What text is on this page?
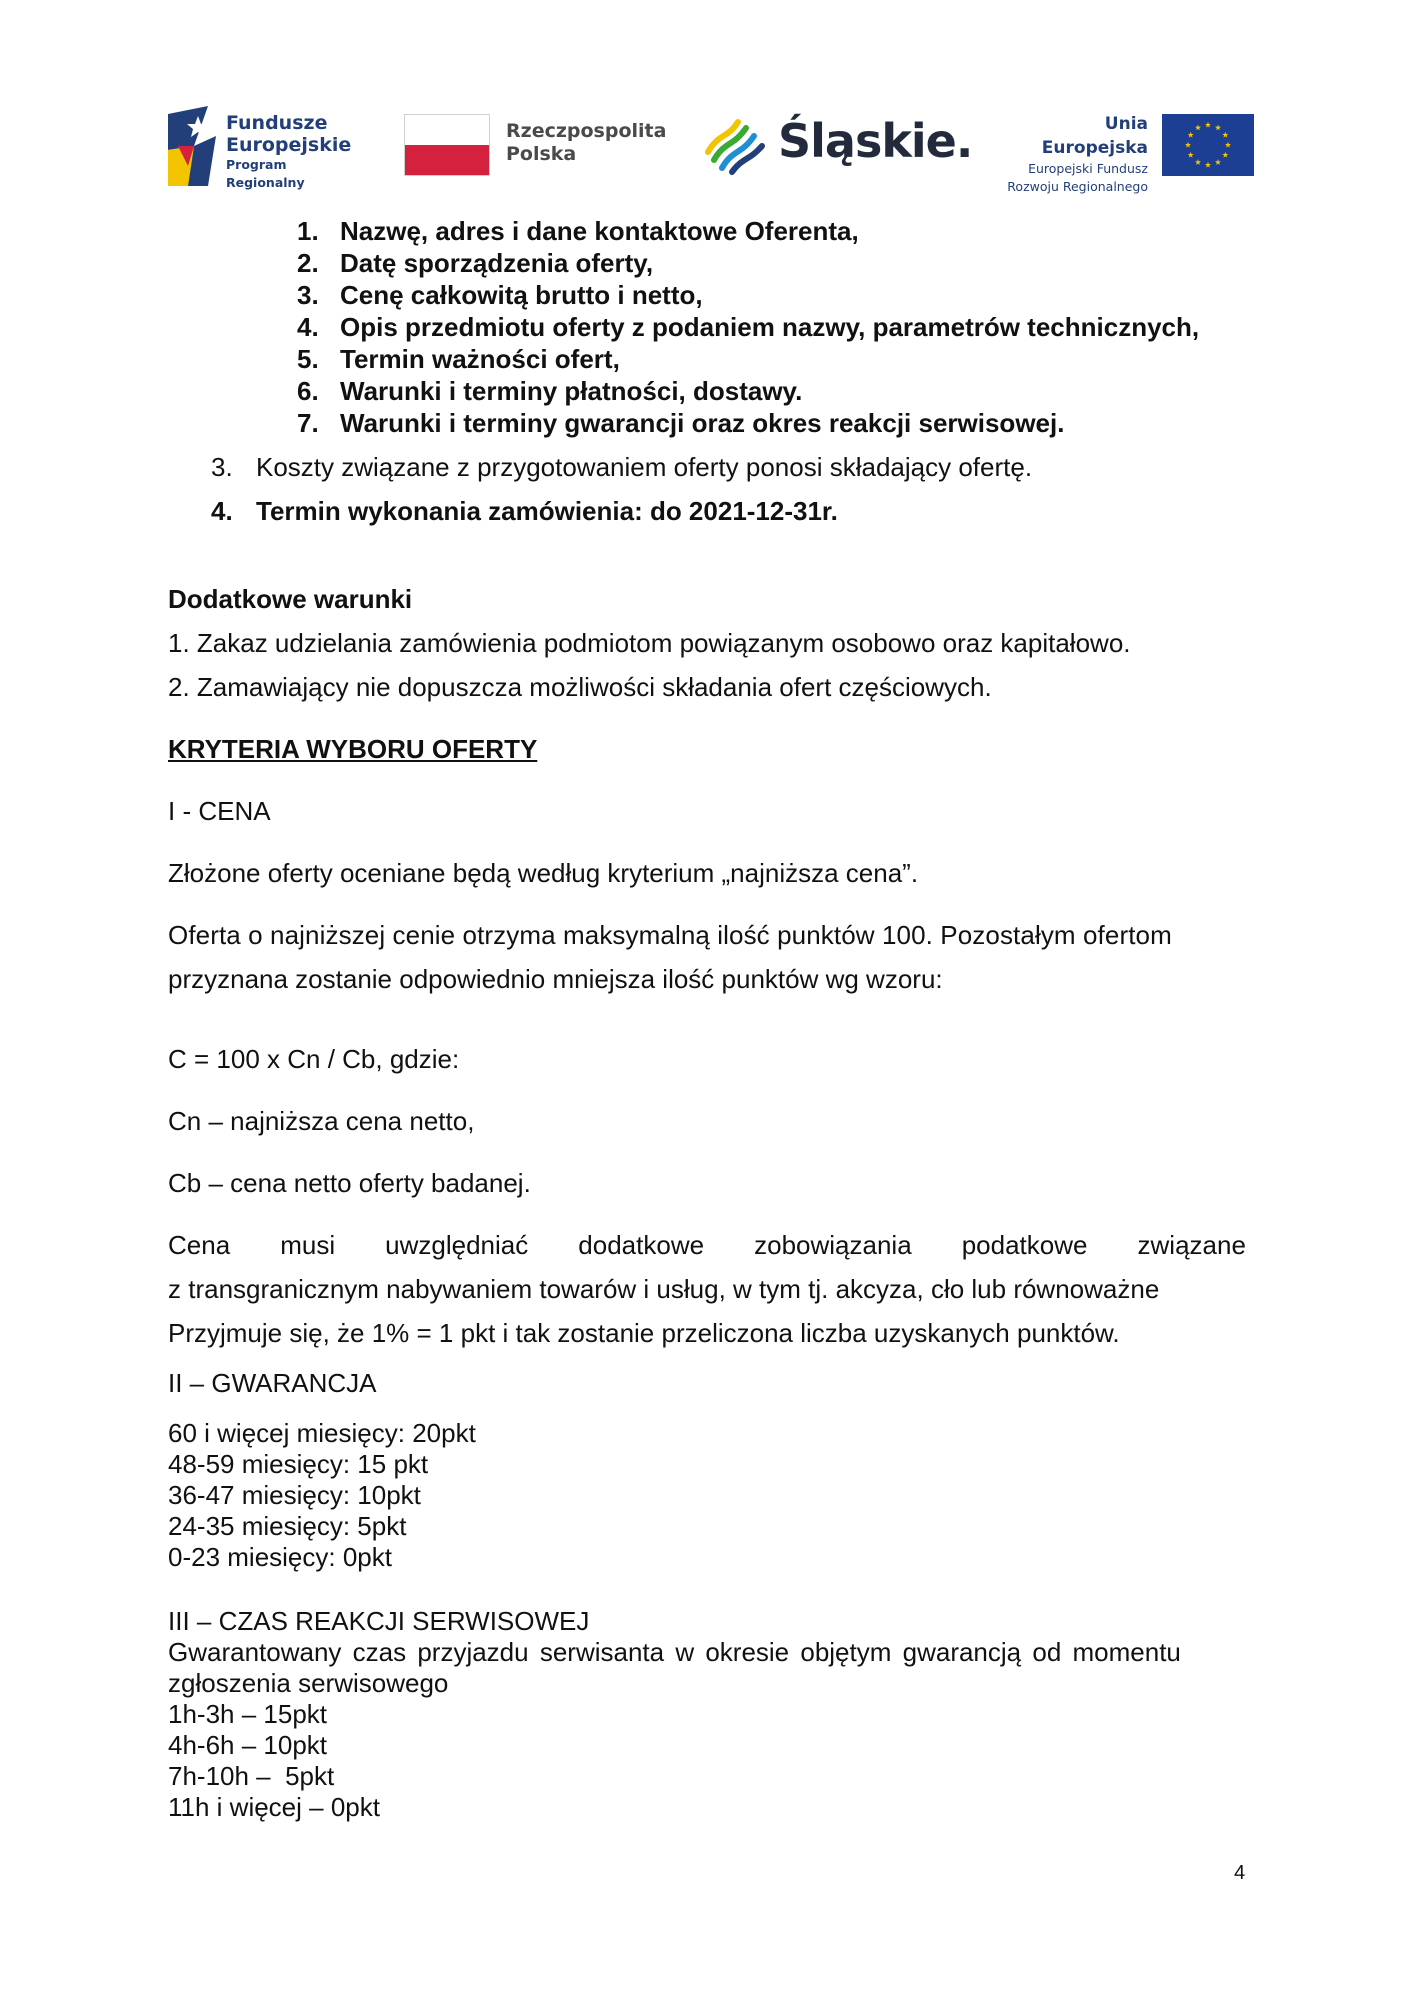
Fundusze
Europejskie
Program Regionalny
Rzeczpospolita
Polska	Śląskie.	Unia Europejska
Europejski Fundusz
Rozwoju Regionalnego
1. Nazwę, adres i dane kontaktowe Oferenta,
2. Datę sporządzenia oferty,
3. Cenę całkowitą brutto i netto,
4. Opis przedmiotu oferty z podaniem nazwy, parametrów technicznych,
5. Termin ważności ofert,
6. Warunki i terminy płatności, dostawy.
7. Warunki i terminy gwarancji oraz okres reakcji serwisowej.
3. Koszty związane z przygotowaniem oferty ponosi składający ofertę.
4. Termin wykonania zamówienia: do 2021-12-31r.
Dodatkowe warunki
1. Zakaz udzielania zamówienia podmiotom powiązanym osobowo oraz kapitałowo.
2. Zamawiający nie dopuszcza możliwości składania ofert częściowych.
KRYTERIA WYBORU OFERTY
I - CENA
Złożone oferty oceniane będą według kryterium „najniższa cena”.
Oferta o najniższej cenie otrzyma maksymalną ilość punktów 100. Pozostałym ofertom
przyznana zostanie odpowiednio mniejsza ilość punktów wg wzoru:
C = 100 x Cn / Cb, gdzie:
Cn – najniższa cena netto,
Cb – cena netto oferty badanej.
Cena musi uwzględniać dodatkowe zobowiązania podatkowe związane
z transgranicznym nabywaniem towarów i usług, w tym tj. akcyza, cło lub równoważne
Przyjmuje się, że 1% = 1 pkt i tak zostanie przeliczona liczba uzyskanych punktów.
II – GWARANCJA
60 i więcej miesięcy: 20pkt
48-59 miesięcy: 15 pkt
36-47 miesięcy: 10pkt
24-35 miesięcy: 5pkt
0-23 miesięcy: 0pkt
III – CZAS REAKCJI SERWISOWEJ
Gwarantowany czas przyjazdu serwisanta w okresie objętym gwarancją od momentu
zgłoszenia serwisowego
1h-3h – 15pkt
4h-6h – 10pkt
7h-10h –  5pkt
11h i więcej – 0pkt
4
